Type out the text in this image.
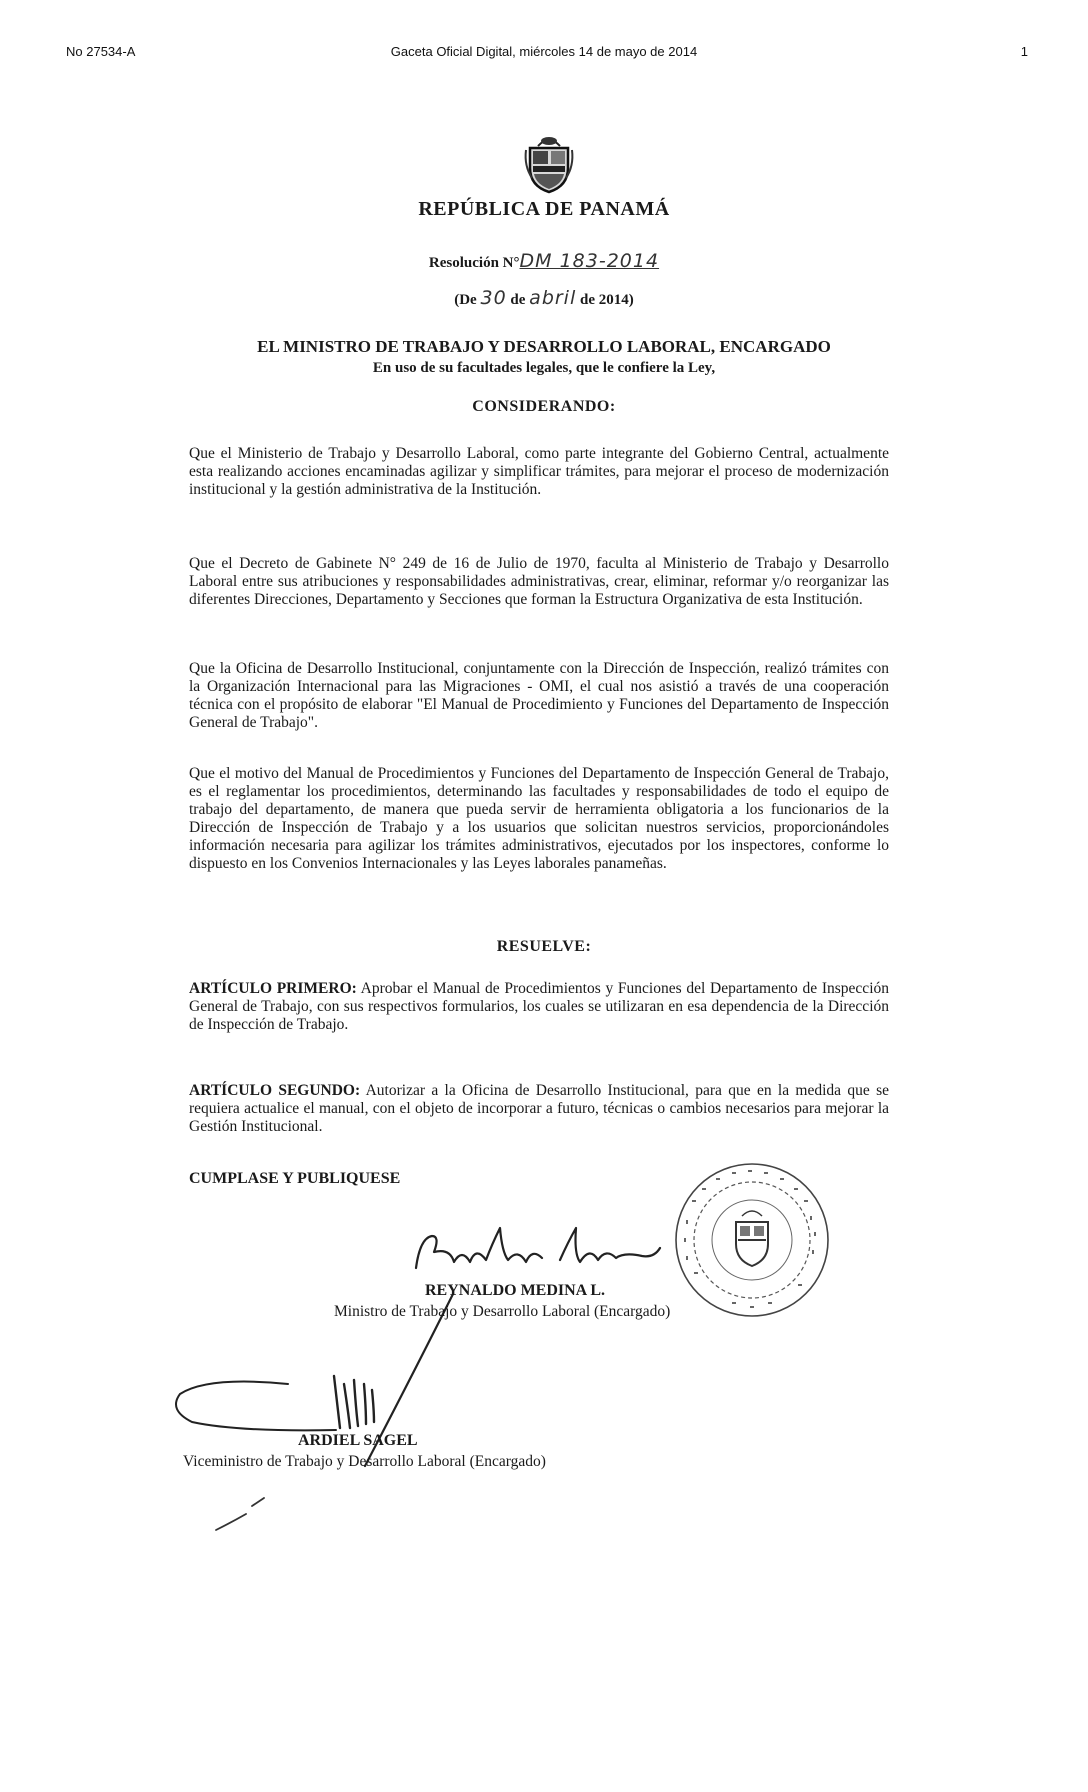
No 27534-A	Gaceta Oficial Digital, miércoles 14 de mayo de 2014	1
REPÚBLICA DE PANAMÁ
Resolución N°DM 183-2014
(De 30 de abril de 2014)
EL MINISTRO DE TRABAJO Y DESARROLLO LABORAL, ENCARGADO
En uso de su facultades legales, que le confiere la Ley,
CONSIDERANDO:

Que el Ministerio de Trabajo y Desarrollo Laboral, como parte integrante del Gobierno Central, actualmente esta realizando acciones encaminadas agilizar y simplificar trámites, para mejorar el proceso de modernización institucional y la gestión administrativa de la Institución.

Que el Decreto de Gabinete N° 249 de 16 de Julio de 1970, faculta al Ministerio de Trabajo y Desarrollo Laboral entre sus atribuciones y responsabilidades administrativas, crear, eliminar, reformar y/o reorganizar las diferentes Direcciones, Departamento y Secciones que forman la Estructura Organizativa de esta Institución.

Que la Oficina de Desarrollo Institucional, conjuntamente con la Dirección de Inspección, realizó trámites con la Organización Internacional para las Migraciones - OMI, el cual nos asistió a través de una cooperación técnica con el propósito de elaborar "El Manual de Procedimiento y Funciones del Departamento de Inspección General de Trabajo".

Que el motivo del Manual de Procedimientos y Funciones del Departamento de Inspección General de Trabajo, es el reglamentar los procedimientos, determinando las facultades y responsabilidades de todo el equipo de trabajo del departamento, de manera que pueda servir de herramienta obligatoria a los funcionarios de la Dirección de Inspección de Trabajo y a los usuarios que solicitan nuestros servicios, proporcionándoles información necesaria para agilizar los trámites administrativos, ejecutados por los inspectores, conforme lo dispuesto en los Convenios Internacionales y las Leyes laborales panameñas.

RESUELVE:

ARTÍCULO PRIMERO: Aprobar el Manual de Procedimientos y Funciones del Departamento de Inspección General de Trabajo, con sus respectivos formularios, los cuales se utilizaran en esa dependencia de la Dirección de Inspección de Trabajo.

ARTÍCULO SEGUNDO: Autorizar a la Oficina de Desarrollo Institucional, para que en la medida que se requiera actualice el manual, con el objeto de incorporar a futuro, técnicas o cambios necesarios para mejorar la Gestión Institucional.

CUMPLASE Y PUBLIQUESE
REYNALDO MEDINA L.
Ministro de Trabajo y Desarrollo Laboral (Encargado)
ARDIEL SAGEL
Viceministro de Trabajo y Desarrollo Laboral (Encargado)
